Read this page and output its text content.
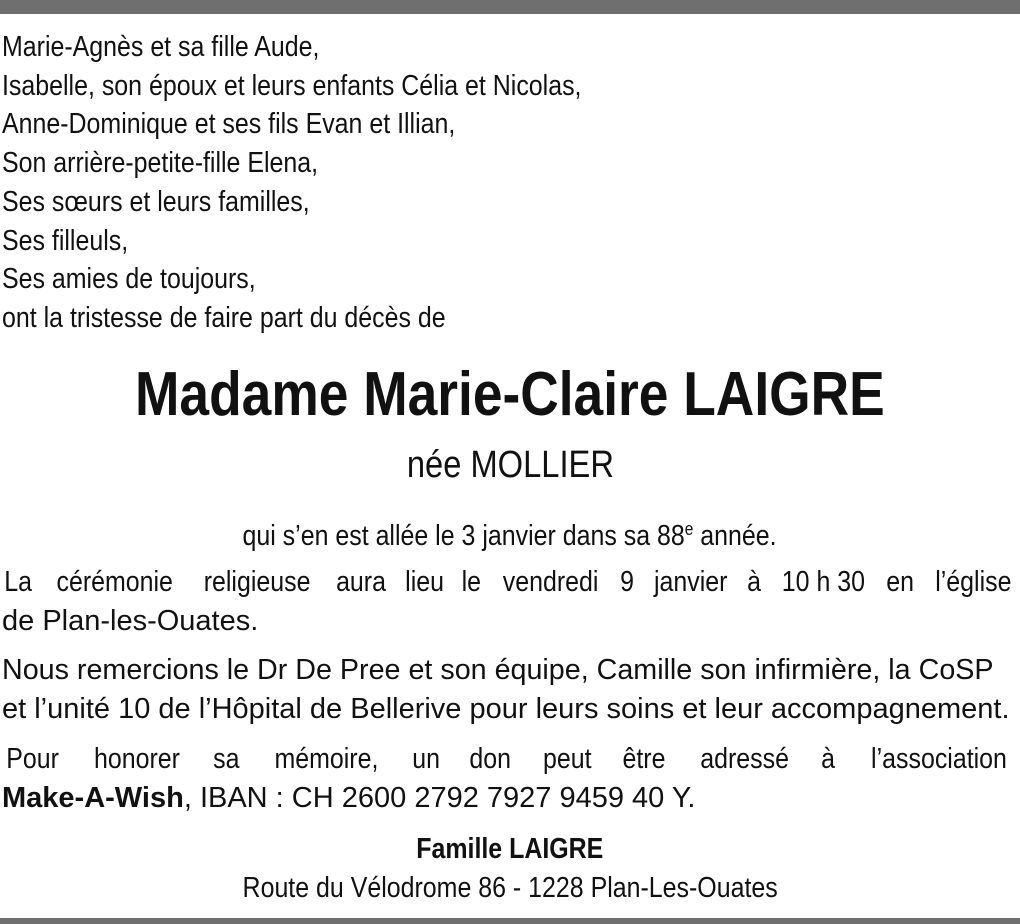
Marie-Agnès et sa fille Aude,
Isabelle, son époux et leurs enfants Célia et Nicolas,
Anne-Dominique et ses fils Evan et Illian,
Son arrière-petite-fille Elena,
Ses sœurs et leurs familles,
Ses filleuls,
Ses amies de toujours,
ont la tristesse de faire part du décès de
Madame Marie-Claire LAIGRE
née MOLLIER
qui s’en est allée le 3 janvier dans sa 88e année.
La cérémonie religieuse aura lieu le vendredi 9 janvier à 10 h 30 en l’église
de Plan-les-Ouates.
Nous remercions le Dr De Pree et son équipe, Camille son infirmière, la CoSP
et l’unité 10 de l’Hôpital de Bellerive pour leurs soins et leur accompagnement.
Pour honorer sa mémoire, un don peut être adressé à l’association
Make-A-Wish, IBAN : CH 2600 2792 7927 9459 40 Y.
Famille LAIGRE
Route du Vélodrome 86 - 1228 Plan-Les-Ouates
